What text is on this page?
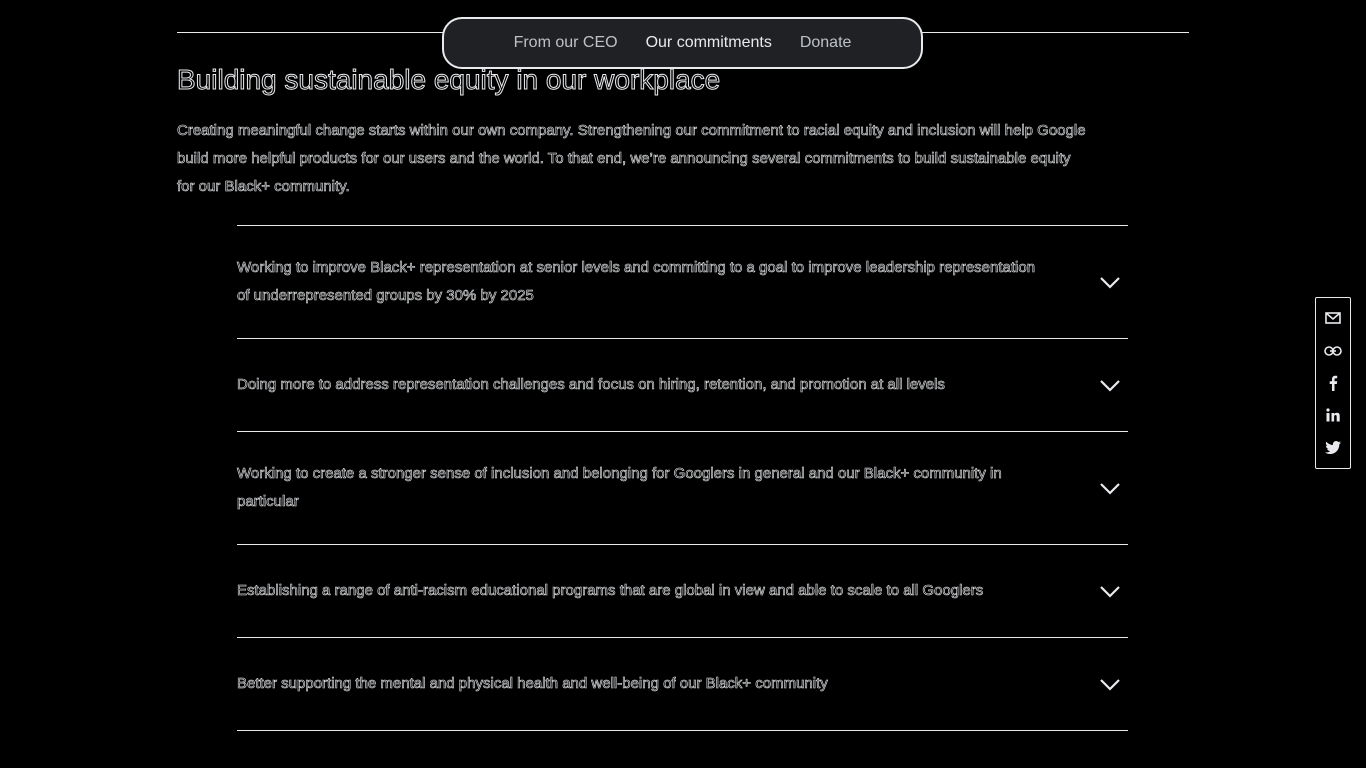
From our CEO Our commitments Donate
Building sustainable equity in our workplace

Creating meaningful change starts within our own company. Strengthening our commitment to racial equity and inclusion will help Google build more helpful products for our users and the world. To that end, we’re announcing several commitments to build sustainable equity for our Black+ community.

Working to improve Black+ representation at senior levels and committing to a goal to improve leadership representation of underrepresented groups by 30% by 2025
Doing more to address representation challenges and focus on hiring, retention, and promotion at all levels
Working to create a stronger sense of inclusion and belonging for Googlers in general and our Black+ community in particular
Establishing a range of anti-racism educational programs that are global in view and able to scale to all Googlers
Better supporting the mental and physical health and well-being of our Black+ community
